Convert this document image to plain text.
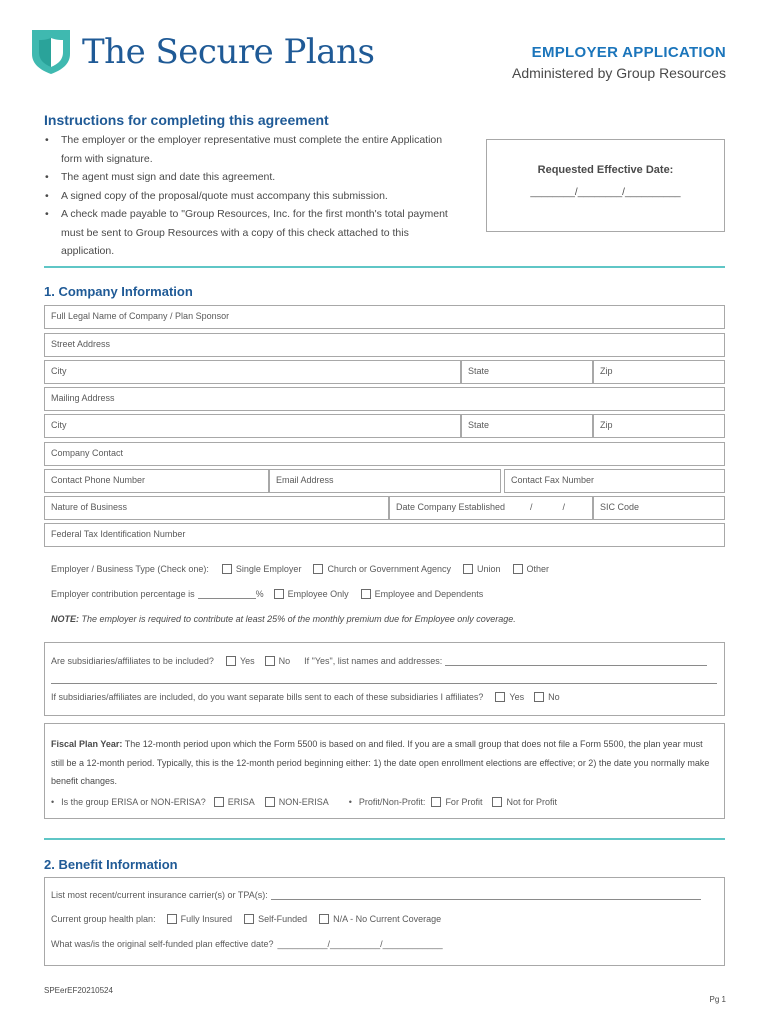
The Secure Plans	EMPLOYER APPLICATION
Administered by Group Resources
Instructions for completing this agreement
• The employer or the employer representative must complete the entire Application form with signature.
• The agent must sign and date this agreement.
• A signed copy of the proposal/quote must accompany this submission.
• A check made payable to "Group Resources, Inc. for the first month's total payment must be sent to Group Resources with a copy of this check attached to this application.
Requested Effective Date:
________/________/__________
1. Company Information
Full Legal Name of Company / Plan Sponsor
Street Address
City	State	Zip
Mailing Address
City	State	Zip
Company Contact
Contact Phone Number	Email Address	Contact Fax Number
Nature of Business	Date Company Established	/            /	SIC Code
Federal Tax Identification Number
Employer / Business Type (Check one):	Single Employer	Church or Government Agency	Union	Other
Employer contribution percentage is	%	Employee Only	Employee and Dependents
NOTE: The employer is required to contribute at least 25% of the monthly premium due for Employee only coverage.
Are subsidiaries/affiliates to be included?	Yes	No If "Yes", list names and addresses:
If subsidiaries/affiliates are included, do you want separate bills sent to each of these subsidiaries I affiliates?	Yes	No
Fiscal Plan Year: The 12-month period upon which the Form 5500 is based on and filed. If you are a small group that does not file a Form 5500, the plan year must still be a 12-month period. Typically, this is the 12-month period beginning either: 1) the date open enrollment elections are effective; or 2) the date you normally make benefit changes.
• Is the group ERISA or NON-ERISA? ERISA	NON-ERISA • Profit/Non-Profit: For Profit	Not for Profit
2. Benefit Information
List most recent/current insurance carrier(s) or TPA(s):
Current group health plan:	Fully Insured	Self-Funded	N/A - No Current Coverage
What was/is the original self-funded plan effective date? __________/__________/____________
SPEerEF20210524
Pg 1
